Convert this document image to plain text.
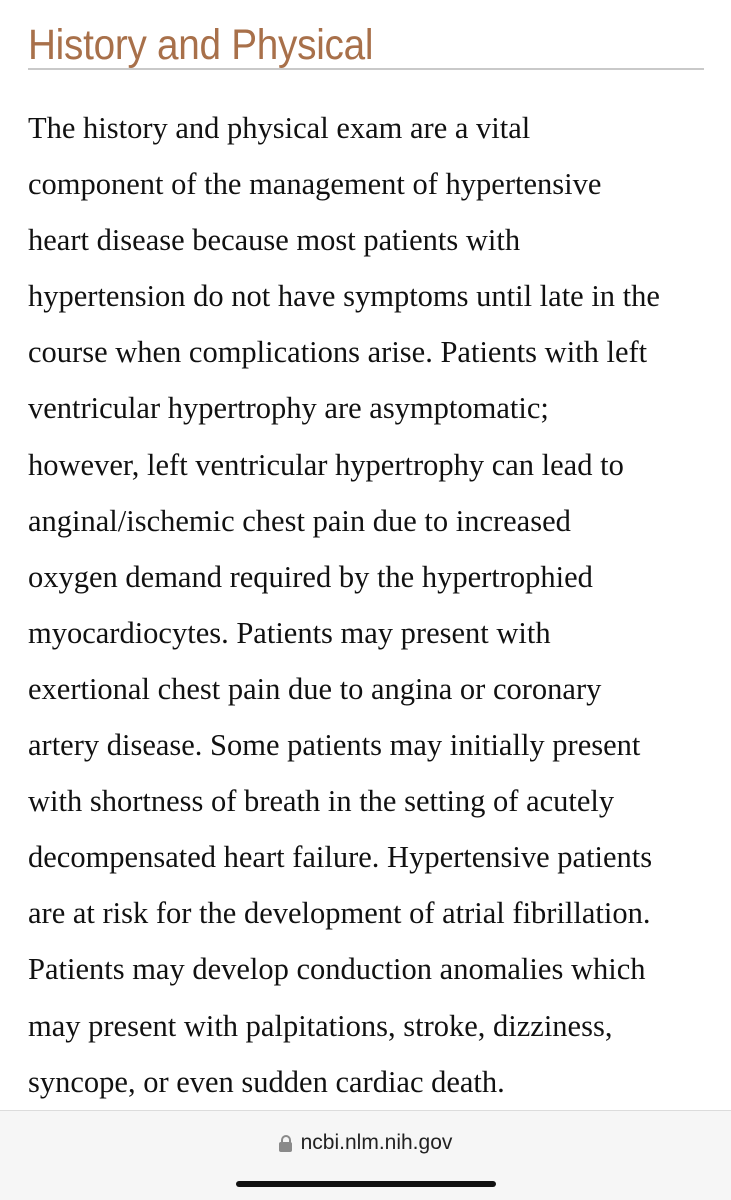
History and Physical

The history and physical exam are a vital
component of the management of hypertensive
heart disease because most patients with
hypertension do not have symptoms until late in the
course when complications arise. Patients with left
ventricular hypertrophy are asymptomatic;
however, left ventricular hypertrophy can lead to
anginal/ischemic chest pain due to increased
oxygen demand required by the hypertrophied
myocardiocytes. Patients may present with
exertional chest pain due to angina or coronary
artery disease. Some patients may initially present
with shortness of breath in the setting of acutely
decompensated heart failure. Hypertensive patients
are at risk for the development of atrial fibrillation.
Patients may develop conduction anomalies which
may present with palpitations, stroke, dizziness,
syncope, or even sudden cardiac death.

ncbi.nlm.nih.gov
